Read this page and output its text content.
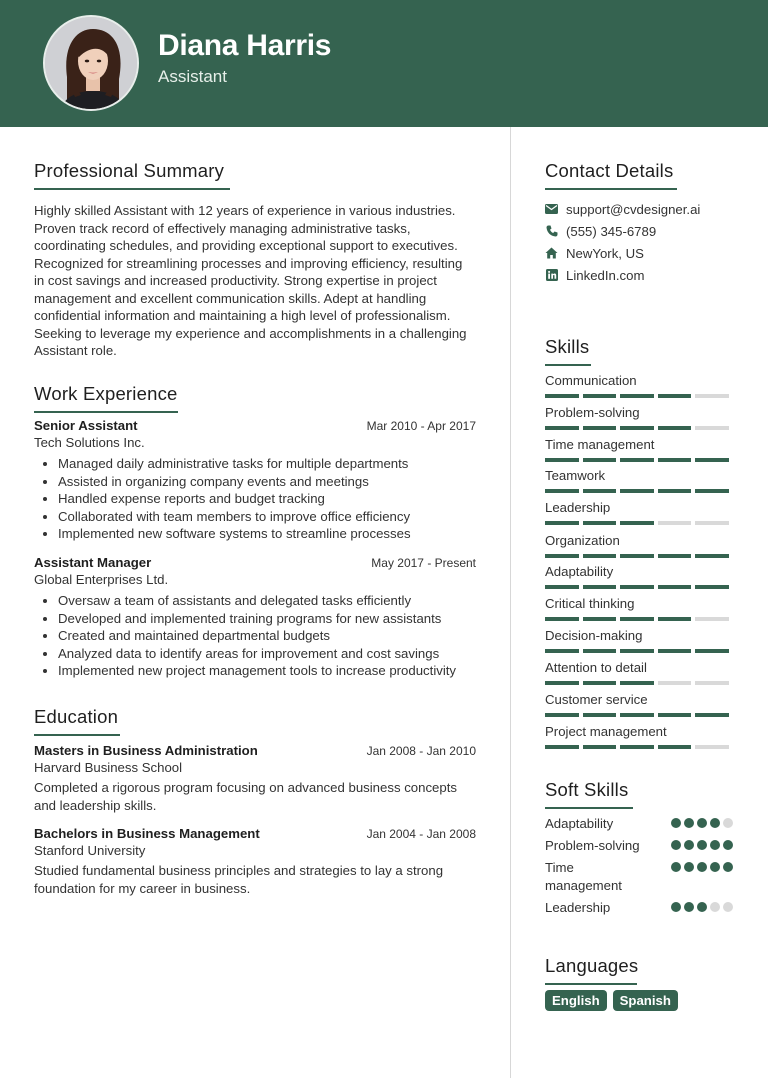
Diana Harris
Assistant
Professional Summary
Highly skilled Assistant with 12 years of experience in various industries. Proven track record of effectively managing administrative tasks, coordinating schedules, and providing exceptional support to executives. Recognized for streamlining processes and improving efficiency, resulting in cost savings and increased productivity. Strong expertise in project management and excellent communication skills. Adept at handling confidential information and maintaining a high level of professionalism. Seeking to leverage my experience and accomplishments in a challenging Assistant role.
Work Experience
Senior Assistant	Mar 2010 - Apr 2017
Tech Solutions Inc.
Managed daily administrative tasks for multiple departments
Assisted in organizing company events and meetings
Handled expense reports and budget tracking
Collaborated with team members to improve office efficiency
Implemented new software systems to streamline processes
Assistant Manager	May 2017 - Present
Global Enterprises Ltd.
Oversaw a team of assistants and delegated tasks efficiently
Developed and implemented training programs for new assistants
Created and maintained departmental budgets
Analyzed data to identify areas for improvement and cost savings
Implemented new project management tools to increase productivity
Education
Masters in Business Administration	Jan 2008 - Jan 2010
Harvard Business School
Completed a rigorous program focusing on advanced business concepts and leadership skills.
Bachelors in Business Management	Jan 2004 - Jan 2008
Stanford University
Studied fundamental business principles and strategies to lay a strong foundation for my career in business.
Contact Details
support@cvdesigner.ai
(555) 345-6789
NewYork, US
LinkedIn.com
Skills
Communication
Problem-solving
Time management
Teamwork
Leadership
Organization
Adaptability
Critical thinking
Decision-making
Attention to detail
Customer service
Project management
Soft Skills
Adaptability
Problem-solving
Time management
Leadership
Languages
English	Spanish
